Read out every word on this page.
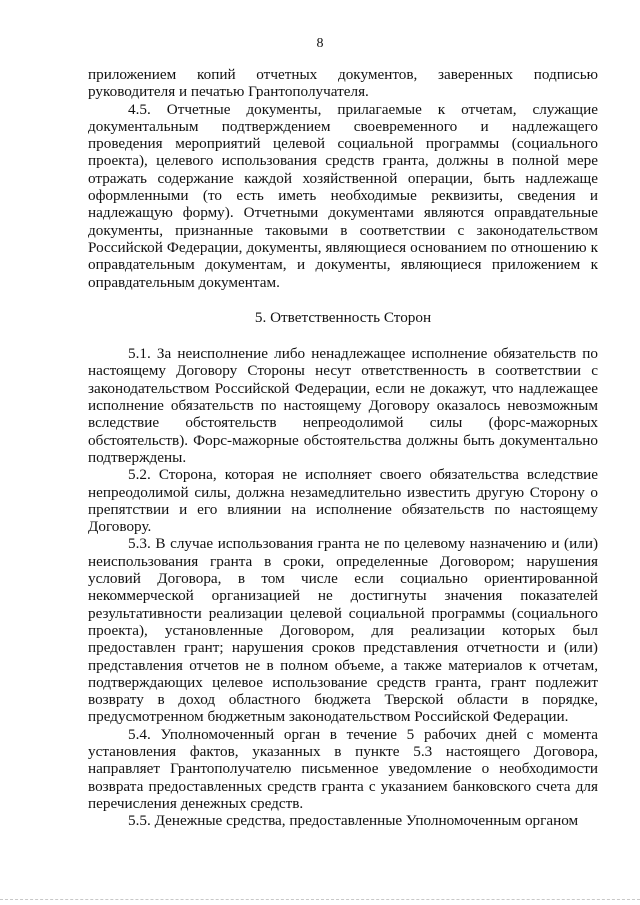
8

приложением копий отчетных документов, заверенных подписью руководителя и печатью Грантополучателя.

4.5. Отчетные документы, прилагаемые к отчетам, служащие документальным подтверждением своевременного и надлежащего проведения мероприятий целевой социальной программы (социального проекта), целевого использования средств гранта, должны в полной мере отражать содержание каждой хозяйственной операции, быть надлежаще оформленными (то есть иметь необходимые реквизиты, сведения и надлежащую форму). Отчетными документами являются оправдательные документы, признанные таковыми в соответствии с законодательством Российской Федерации, документы, являющиеся основанием по отношению к оправдательным документам, и документы, являющиеся приложением к оправдательным документам.

5. Ответственность Сторон

5.1. За неисполнение либо ненадлежащее исполнение обязательств по настоящему Договору Стороны несут ответственность в соответствии с законодательством Российской Федерации, если не докажут, что надлежащее исполнение обязательств по настоящему Договору оказалось невозможным вследствие обстоятельств непреодолимой силы (форс-мажорных обстоятельств). Форс-мажорные обстоятельства должны быть документально подтверждены.

5.2. Сторона, которая не исполняет своего обязательства вследствие непреодолимой силы, должна незамедлительно известить другую Сторону о препятствии и его влиянии на исполнение обязательств по настоящему Договору.

5.3. В случае использования гранта не по целевому назначению и (или) неиспользования гранта в сроки, определенные Договором; нарушения условий Договора, в том числе если социально ориентированной некоммерческой организацией не достигнуты значения показателей результативности реализации целевой социальной программы (социального проекта), установленные Договором, для реализации которых был предоставлен грант; нарушения сроков представления отчетности и (или) представления отчетов не в полном объеме, а также материалов к отчетам, подтверждающих целевое использование средств гранта, грант подлежит возврату в доход областного бюджета Тверской области в порядке, предусмотренном бюджетным законодательством Российской Федерации.

5.4. Уполномоченный орган в течение 5 рабочих дней с момента установления фактов, указанных в пункте 5.3 настоящего Договора, направляет Грантополучателю письменное уведомление о необходимости возврата предоставленных средств гранта с указанием банковского счета для перечисления денежных средств.

5.5. Денежные средства, предоставленные Уполномоченным органом
